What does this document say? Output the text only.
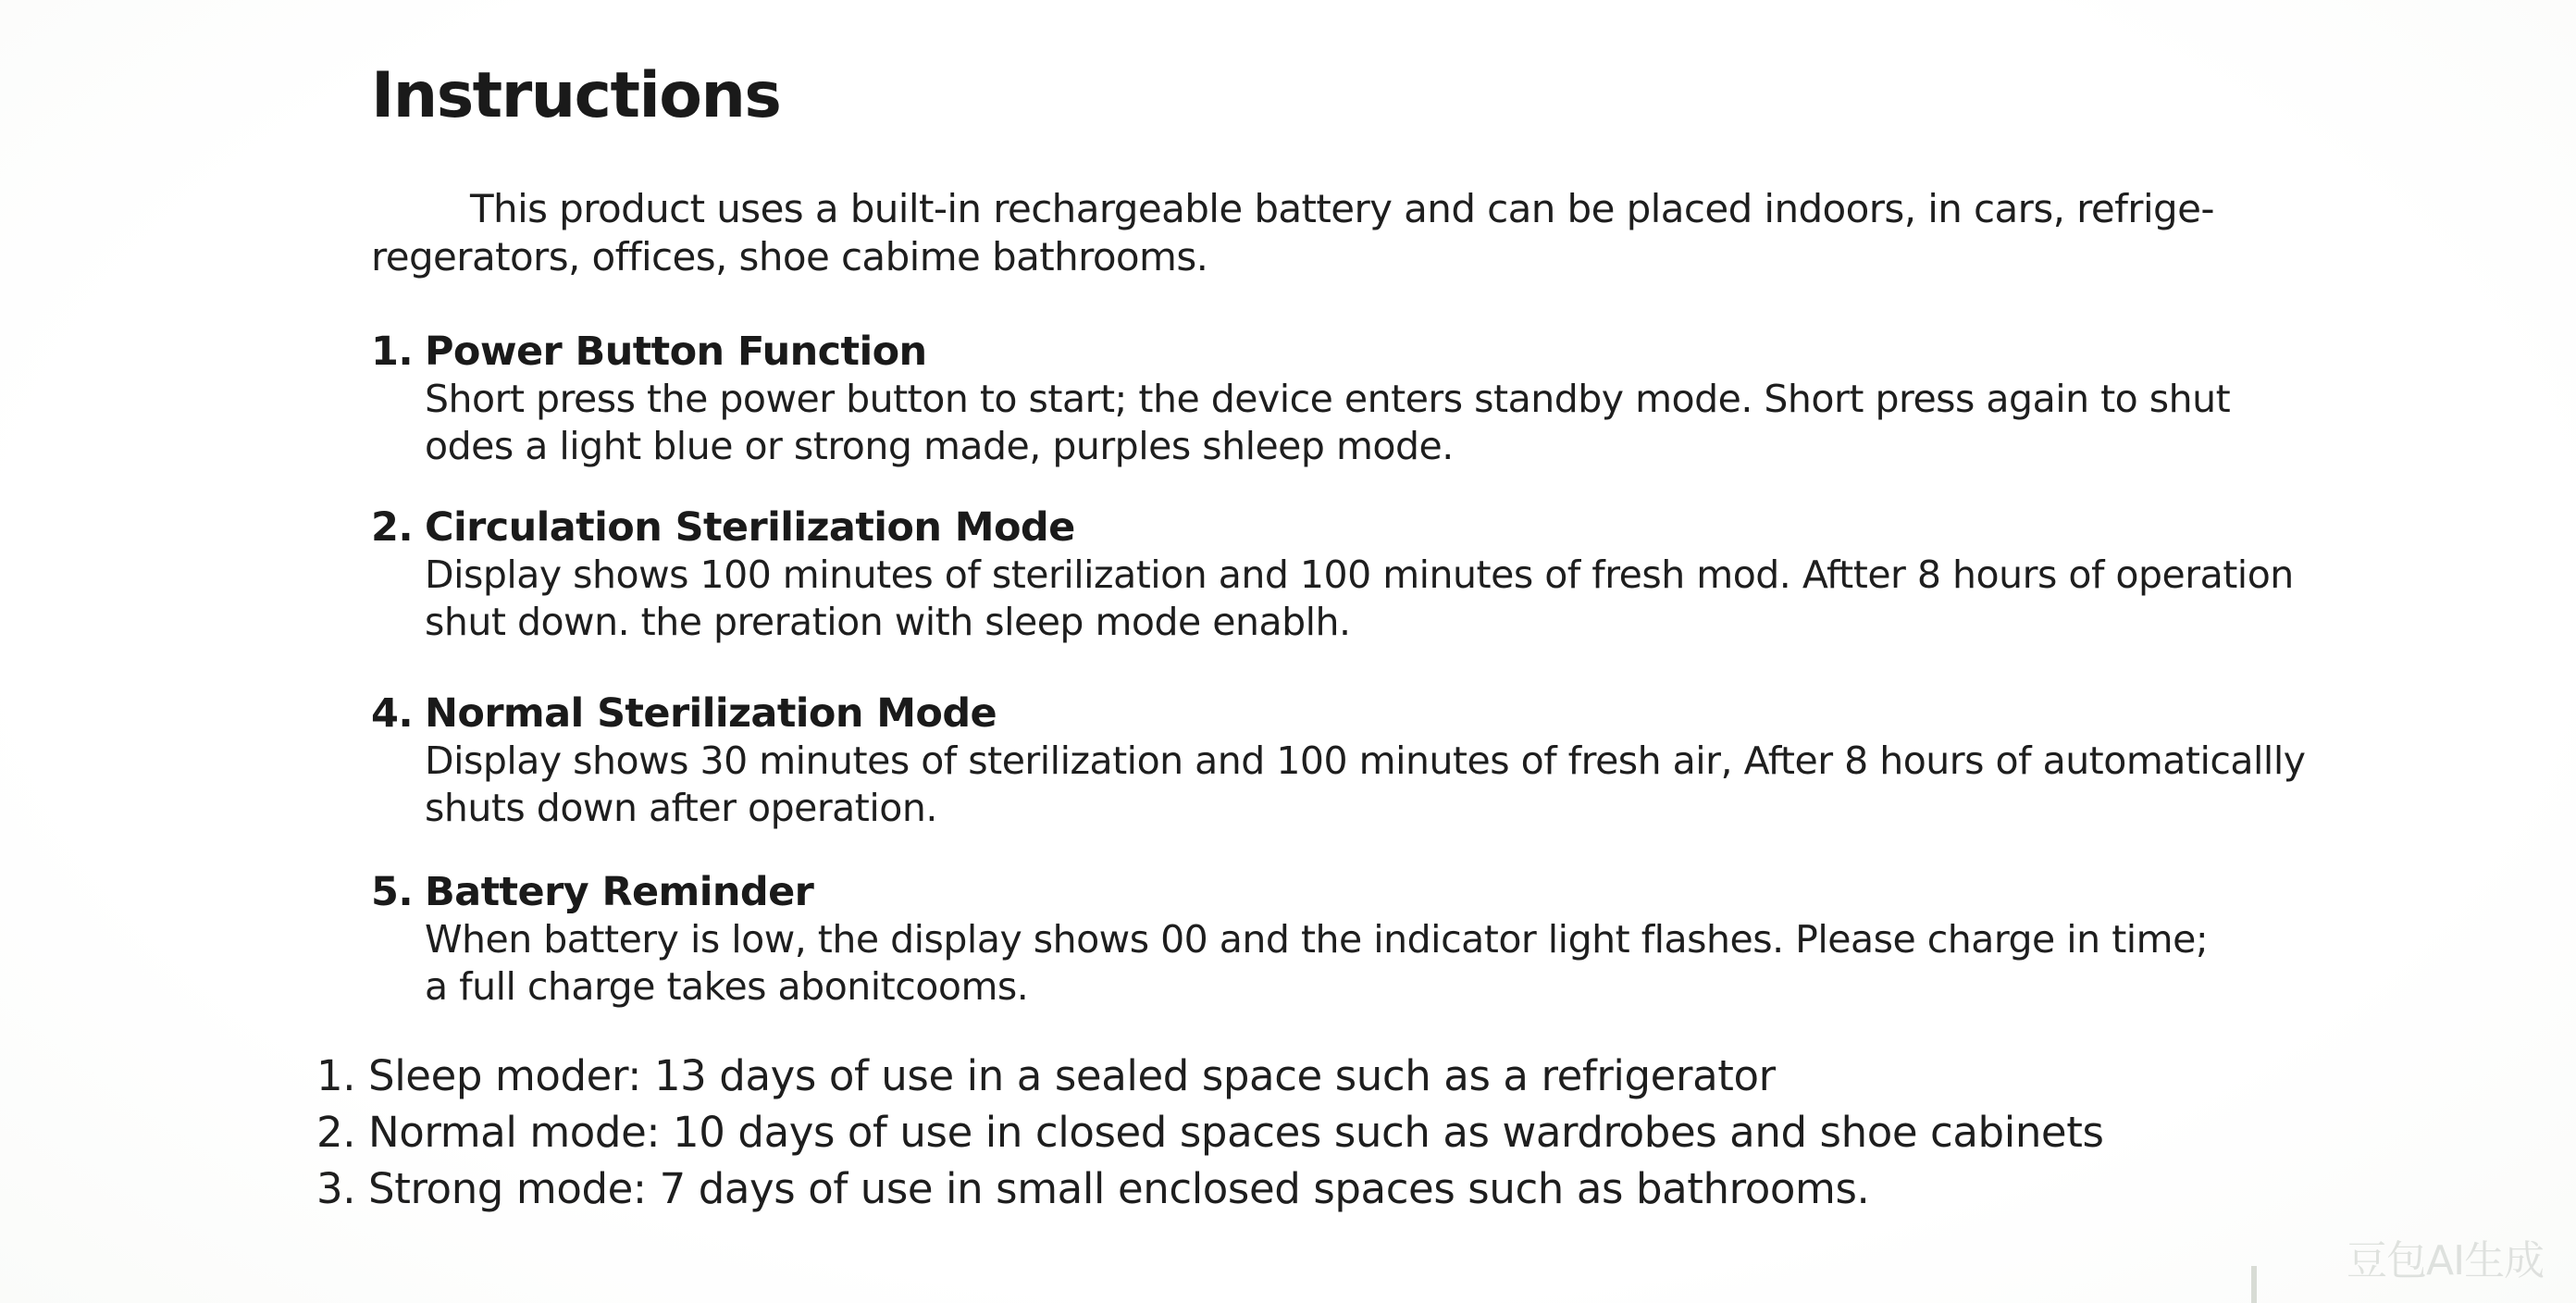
Instructions
This product uses a built-in rechargeable battery and can be placed indoors, in cars, refrige-
regerators, offices, shoe cabime bathrooms.
1. Power Button Function
Short press the power button to start; the device enters standby mode. Short press again to shut
odes a light blue or strong made, purples shleep mode.
2. Circulation Sterilization Mode
Display shows 100 minutes of sterilization and 100 minutes of fresh mod. Aftter 8 hours of operation
shut down. the preration with sleep mode enablh.
4. Normal Sterilization Mode
Display shows 30 minutes of sterilization and 100 minutes of fresh air, After 8 hours of automaticallly
shuts down after operation.
5. Battery Reminder
When battery is low, the display shows 00 and the indicator light flashes. Please charge in time;
a full charge takes abonitcooms.
1. Sleep moder: 13 days of use in a sealed space such as a refrigerator
2. Normal mode: 10 days of use in closed spaces such as wardrobes and shoe cabinets
3. Strong mode: 7 days of use in small enclosed spaces such as bathrooms.
豆包AI生成
